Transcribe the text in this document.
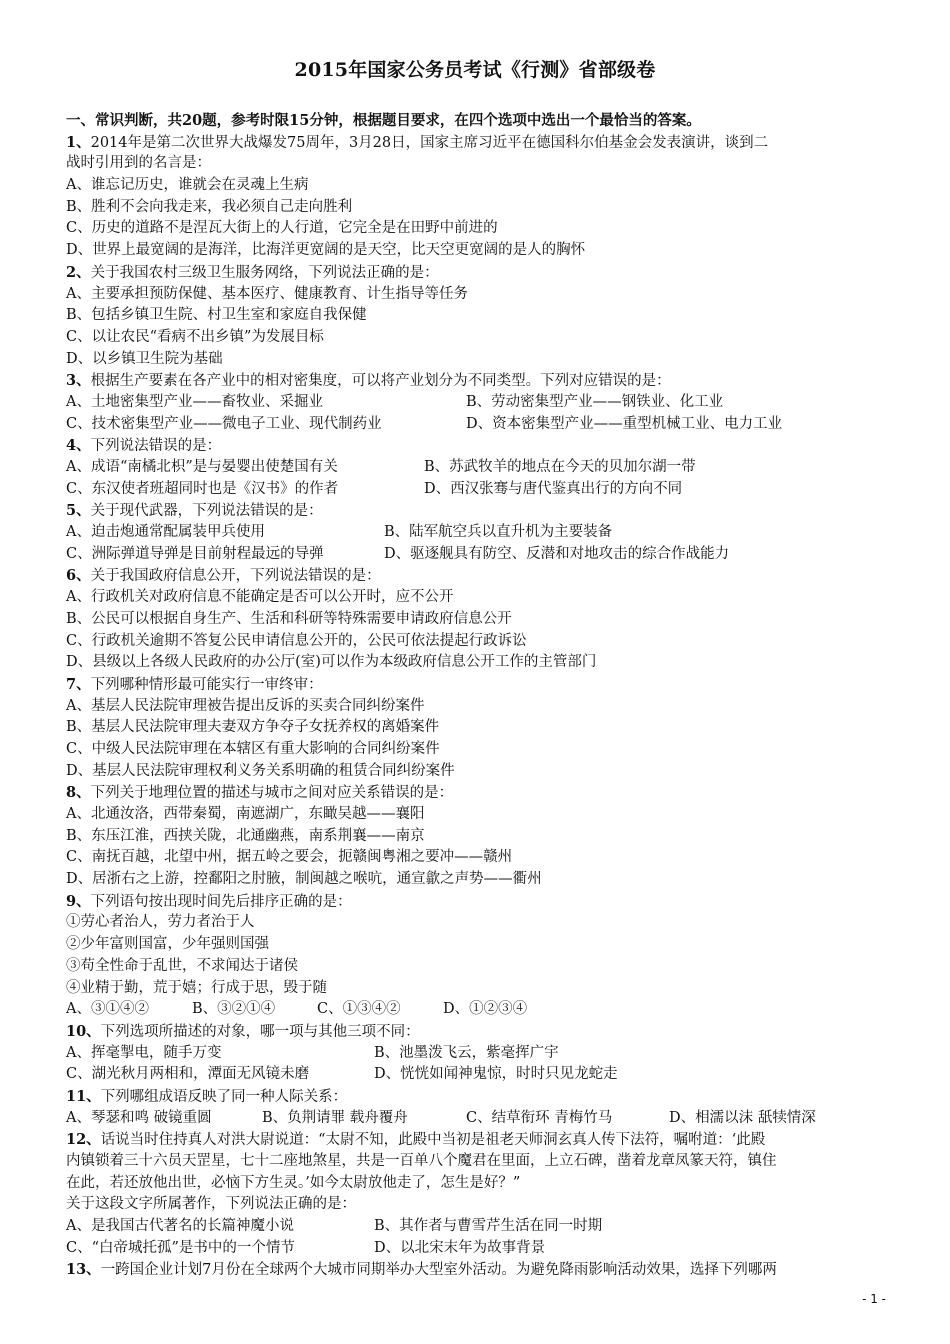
2015年国家公务员考试《行测》省部级卷
一、常识判断，共20题，参考时限15分钟，根据题目要求，在四个选项中选出一个最恰当的答案。
1、2014年是第二次世界大战爆发75周年，3月28日，国家主席习近平在德国科尔伯基金会发表演讲，谈到二
战时引用到的名言是：
A、谁忘记历史，谁就会在灵魂上生病
B、胜利不会向我走来，我必须自己走向胜利
C、历史的道路不是涅瓦大街上的人行道，它完全是在田野中前进的
D、世界上最宽阔的是海洋，比海洋更宽阔的是天空，比天空更宽阔的是人的胸怀
2、关于我国农村三级卫生服务网络，下列说法正确的是：
A、主要承担预防保健、基本医疗、健康教育、计生指导等任务
B、包括乡镇卫生院、村卫生室和家庭自我保健
C、以让农民“看病不出乡镇”为发展目标
D、以乡镇卫生院为基础
3、根据生产要素在各产业中的相对密集度，可以将产业划分为不同类型。下列对应错误的是：
A、土地密集型产业——畜牧业、采掘业	B、劳动密集型产业——钢铁业、化工业
C、技术密集型产业——微电子工业、现代制药业	D、资本密集型产业——重型机械工业、电力工业
4、下列说法错误的是：
A、成语“南橘北枳”是与晏婴出使楚国有关	B、苏武牧羊的地点在今天的贝加尔湖一带
C、东汉使者班超同时也是《汉书》的作者	D、西汉张骞与唐代鉴真出行的方向不同
5、关于现代武器，下列说法错误的是：
A、迫击炮通常配属装甲兵使用	B、陆军航空兵以直升机为主要装备
C、洲际弹道导弹是目前射程最远的导弹	D、驱逐舰具有防空、反潜和对地攻击的综合作战能力
6、关于我国政府信息公开，下列说法错误的是：
A、行政机关对政府信息不能确定是否可以公开时，应不公开
B、公民可以根据自身生产、生活和科研等特殊需要申请政府信息公开
C、行政机关逾期不答复公民申请信息公开的，公民可依法提起行政诉讼
D、县级以上各级人民政府的办公厅(室)可以作为本级政府信息公开工作的主管部门
7、下列哪种情形最可能实行一审终审：
A、基层人民法院审理被告提出反诉的买卖合同纠纷案件
B、基层人民法院审理夫妻双方争夺子女抚养权的离婚案件
C、中级人民法院审理在本辖区有重大影响的合同纠纷案件
D、基层人民法院审理权利义务关系明确的租赁合同纠纷案件
8、下列关于地理位置的描述与城市之间对应关系错误的是：
A、北通汝洛，西带秦蜀，南遮湖广，东瞰吴越——襄阳
B、东压江淮，西挟关陇，北通幽燕，南系荆襄——南京
C、南抚百越，北望中州，据五岭之要会，扼赣闽粤湘之要冲——赣州
D、居浙右之上游，控鄱阳之肘腋，制闽越之喉吭，通宣歙之声势——衢州
9、下列语句按出现时间先后排序正确的是：
①劳心者治人，劳力者治于人
②少年富则国富，少年强则国强
③苟全性命于乱世，不求闻达于诸侯
④业精于勤，荒于嬉；行成于思，毁于随
A、③①④②	B、③②①④	C、①③④②	D、①②③④
10、下列选项所描述的对象，哪一项与其他三项不同：
A、挥毫掣电，随手万变	B、池墨泼飞云，紫毫挥广宇
C、湖光秋月两相和，潭面无风镜未磨	D、恍恍如闻神鬼惊，时时只见龙蛇走
11、下列哪组成语反映了同一种人际关系：
A、琴瑟和鸣 破镜重圆	B、负荆请罪 载舟覆舟	C、结草衔环 青梅竹马	D、相濡以沫 舐犊情深
12、话说当时住持真人对洪大尉说道：“太尉不知，此殿中当初是祖老天师洞玄真人传下法符，嘱咐道：‘此殿
内镇锁着三十六员天罡星，七十二座地煞星，共是一百单八个魔君在里面，上立石碑，凿着龙章凤篆天符，镇住
在此，若还放他出世，必恼下方生灵。’如今太尉放他走了，怎生是好？”
关于这段文字所属著作，下列说法正确的是：
A、是我国古代著名的长篇神魔小说	B、其作者与曹雪芹生活在同一时期
C、“白帝城托孤”是书中的一个情节	D、以北宋末年为故事背景
13、一跨国企业计划7月份在全球两个大城市同期举办大型室外活动。为避免降雨影响活动效果，选择下列哪两
- 1 -
